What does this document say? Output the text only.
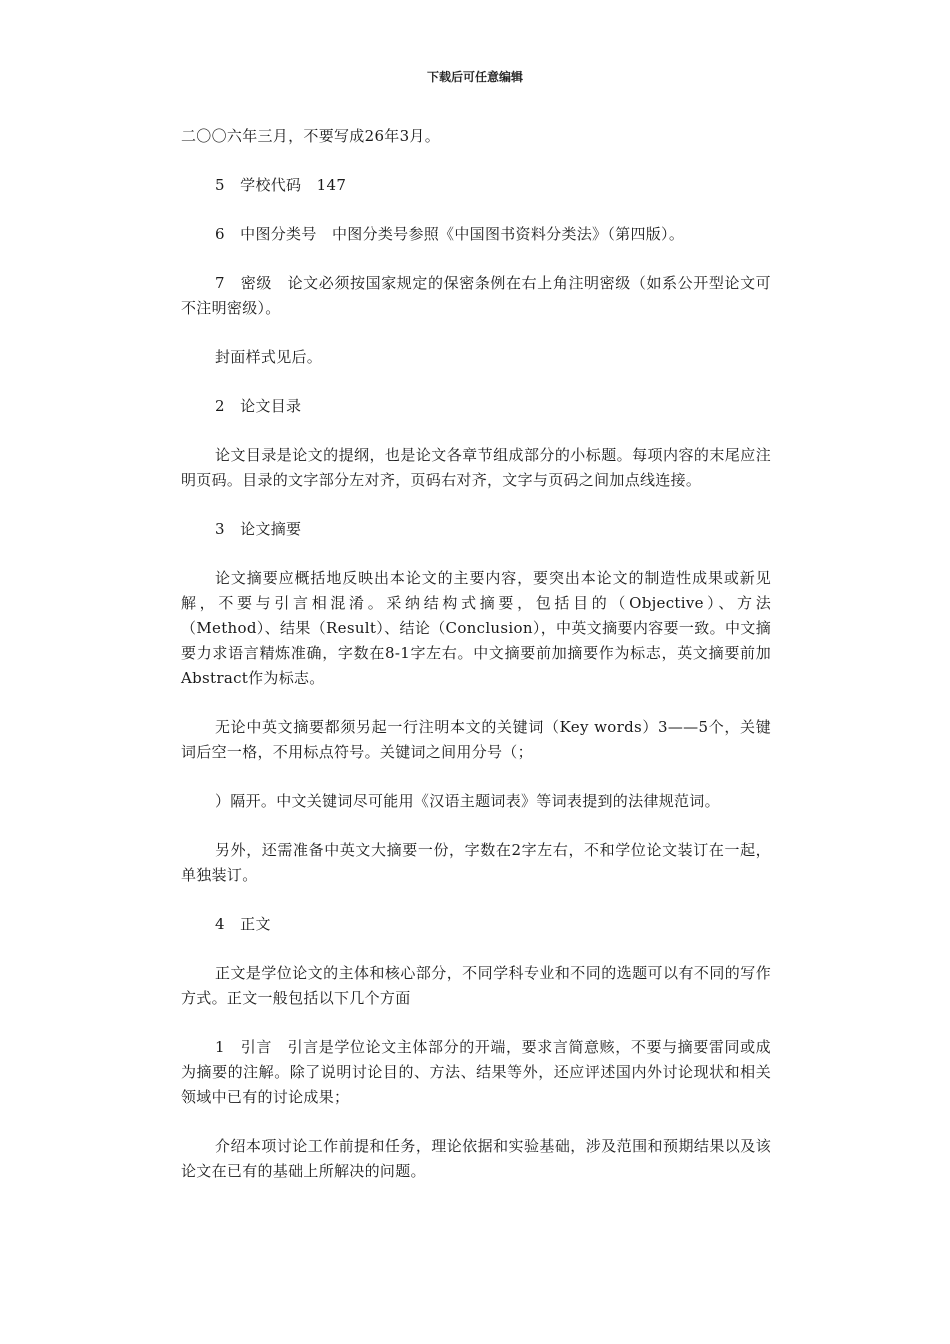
下载后可任意编辑

二〇〇六年三月，不要写成26年3月。

5　学校代码　147

6　中图分类号　中图分类号参照《中国图书资料分类法》（第四版）。

7　密级　论文必须按国家规定的保密条例在右上角注明密级（如系公开型论文可不注明密级）。

封面样式见后。

2　论文目录

论文目录是论文的提纲，也是论文各章节组成部分的小标题。每项内容的末尾应注明页码。目录的文字部分左对齐，页码右对齐，文字与页码之间加点线连接。

3　论文摘要

论文摘要应概括地反映出本论文的主要内容，要突出本论文的制造性成果或新见解，不要与引言相混淆。采纳结构式摘要，包括目的（Objective）、方法（Method）、结果（Result）、结论（Conclusion），中英文摘要内容要一致。中文摘要力求语言精炼准确，字数在8-1字左右。中文摘要前加摘要作为标志，英文摘要前加Abstract作为标志。

无论中英文摘要都须另起一行注明本文的关键词（Key words）3——5个，关键词后空一格，不用标点符号。关键词之间用分号（；

）隔开。中文关键词尽可能用《汉语主题词表》等词表提到的法律规范词。

另外，还需准备中英文大摘要一份，字数在2字左右，不和学位论文装订在一起，单独装订。

4　正文

正文是学位论文的主体和核心部分，不同学科专业和不同的选题可以有不同的写作方式。正文一般包括以下几个方面

1　引言　引言是学位论文主体部分的开端，要求言简意赅，不要与摘要雷同或成为摘要的注解。除了说明讨论目的、方法、结果等外，还应评述国内外讨论现状和相关领域中已有的讨论成果；

介绍本项讨论工作前提和任务，理论依据和实验基础，涉及范围和预期结果以及该论文在已有的基础上所解决的问题。
